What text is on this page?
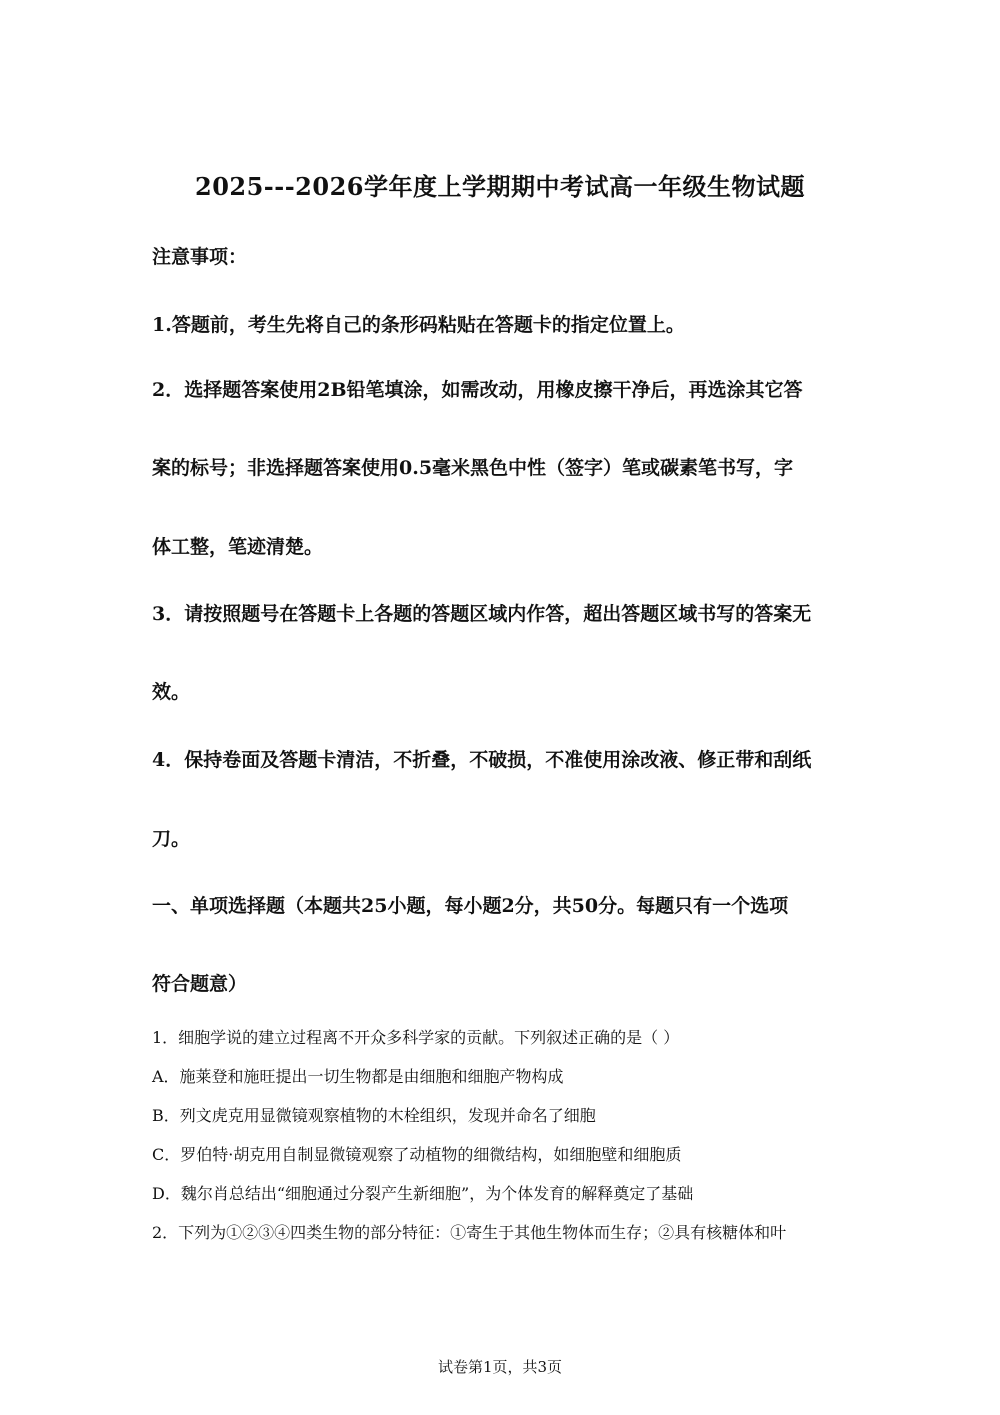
2025---2026学年度上学期期中考试高一年级生物试题
注意事项：
1.答题前，考生先将自己的条形码粘贴在答题卡的指定位置上。
2．选择题答案使用2B铅笔填涂，如需改动，用橡皮擦干净后，再选涂其它答
案的标号；非选择题答案使用0.5毫米黑色中性（签字）笔或碳素笔书写，字
体工整，笔迹清楚。
3．请按照题号在答题卡上各题的答题区域内作答，超出答题区域书写的答案无
效。
4．保持卷面及答题卡清洁，不折叠，不破损，不准使用涂改液、修正带和刮纸
刀。
一、单项选择题（本题共25小题，每小题2分，共50分。每题只有一个选项
符合题意）
1．细胞学说的建立过程离不开众多科学家的贡献。下列叙述正确的是（ ）
A．施莱登和施旺提出一切生物都是由细胞和细胞产物构成
B．列文虎克用显微镜观察植物的木栓组织，发现并命名了细胞
C．罗伯特·胡克用自制显微镜观察了动植物的细微结构，如细胞壁和细胞质
D．魏尔肖总结出“细胞通过分裂产生新细胞”，为个体发育的解释奠定了基础
2．下列为①②③④四类生物的部分特征：①寄生于其他生物体而生存；②具有核糖体和叶
试卷第1页，共3页
